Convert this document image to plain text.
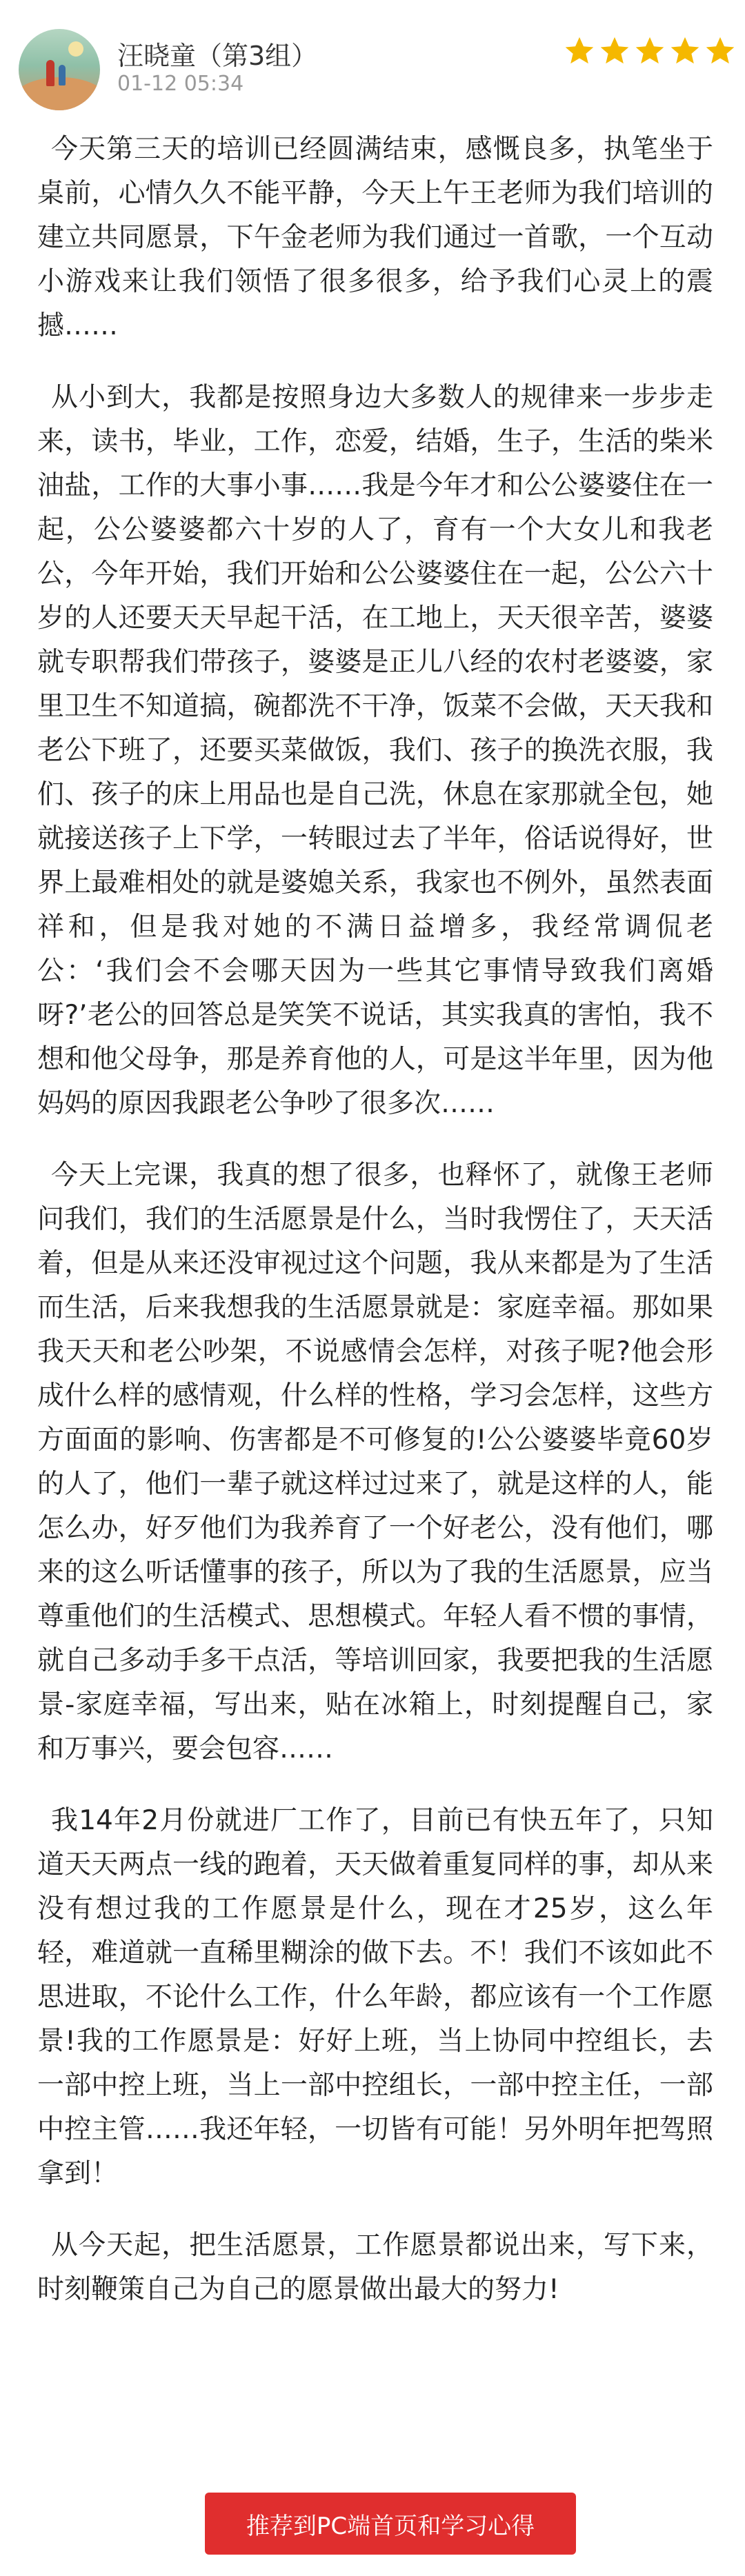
汪晓童（第3组）
01-12 05:34

今天第三天的培训已经圆满结束，感慨良多，执笔坐于桌前，心情久久不能平静，今天上午王老师为我们培训的建立共同愿景，下午金老师为我们通过一首歌，一个互动小游戏来让我们领悟了很多很多，给予我们心灵上的震撼……

从小到大，我都是按照身边大多数人的规律来一步步走来，读书，毕业，工作，恋爱，结婚，生子，生活的柴米油盐，工作的大事小事……我是今年才和公公婆婆住在一起，公公婆婆都六十岁的人了，育有一个大女儿和我老公，今年开始，我们开始和公公婆婆住在一起，公公六十岁的人还要天天早起干活，在工地上，天天很辛苦，婆婆就专职帮我们带孩子，婆婆是正儿八经的农村老婆婆，家里卫生不知道搞，碗都洗不干净，饭菜不会做，天天我和老公下班了，还要买菜做饭，我们、孩子的换洗衣服，我们、孩子的床上用品也是自己洗，休息在家那就全包，她就接送孩子上下学，一转眼过去了半年，俗话说得好，世界上最难相处的就是婆媳关系，我家也不例外，虽然表面祥和，但是我对她的不满日益增多，我经常调侃老公：‘我们会不会哪天因为一些其它事情导致我们离婚呀?’老公的回答总是笑笑不说话，其实我真的害怕，我不想和他父母争，那是养育他的人，可是这半年里，因为他妈妈的原因我跟老公争吵了很多次……

今天上完课，我真的想了很多，也释怀了，就像王老师问我们，我们的生活愿景是什么，当时我愣住了，天天活着，但是从来还没审视过这个问题，我从来都是为了生活而生活，后来我想我的生活愿景就是：家庭幸福。那如果我天天和老公吵架，不说感情会怎样，对孩子呢?他会形成什么样的感情观，什么样的性格，学习会怎样，这些方方面面的影响、伤害都是不可修复的!公公婆婆毕竟60岁的人了，他们一辈子就这样过过来了，就是这样的人，能怎么办，好歹他们为我养育了一个好老公，没有他们，哪来的这么听话懂事的孩子，所以为了我的生活愿景，应当尊重他们的生活模式、思想模式。年轻人看不惯的事情，就自己多动手多干点活，等培训回家，我要把我的生活愿景-家庭幸福，写出来，贴在冰箱上，时刻提醒自己，家和万事兴，要会包容……

我14年2月份就进厂工作了，目前已有快五年了，只知道天天两点一线的跑着，天天做着重复同样的事，却从来没有想过我的工作愿景是什么，现在才25岁，这么年轻，难道就一直稀里糊涂的做下去。不！我们不该如此不思进取，不论什么工作，什么年龄，都应该有一个工作愿景!我的工作愿景是：好好上班，当上协同中控组长，去一部中控上班，当上一部中控组长，一部中控主任，一部中控主管……我还年轻，一切皆有可能！另外明年把驾照拿到！

从今天起，把生活愿景，工作愿景都说出来，写下来，时刻鞭策自己为自己的愿景做出最大的努力!

推荐到PC端首页和学习心得
